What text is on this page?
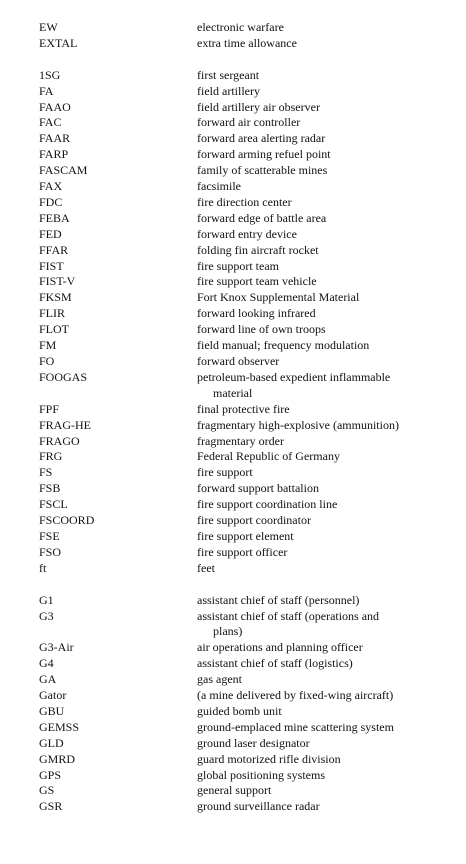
EW	electronic warfare
EXTAL	extra time allowance
1SG	first sergeant
FA	field artillery
FAAO	field artillery air observer
FAC	forward air controller
FAAR	forward area alerting radar
FARP	forward arming refuel point
FASCAM	family of scatterable mines
FAX	facsimile
FDC	fire direction center
FEBA	forward edge of battle area
FED	forward entry device
FFAR	folding fin aircraft rocket
FIST	fire support team
FIST-V	fire support team vehicle
FKSM	Fort Knox Supplemental Material
FLIR	forward looking infrared
FLOT	forward line of own troops
FM	field manual; frequency modulation
FO	forward observer
FOOGAS	petroleum-based expedient inflammable
material
FPF	final protective fire
FRAG-HE	fragmentary high-explosive (ammunition)
FRAGO	fragmentary order
FRG	Federal Republic of Germany
FS	fire support
FSB	forward support battalion
FSCL	fire support coordination line
FSCOORD	fire support coordinator
FSE	fire support element
FSO	fire support officer
ft	feet
G1	assistant chief of staff (personnel)
G3	assistant chief of staff (operations and
plans)
G3-Air	air operations and planning officer
G4	assistant chief of staff (logistics)
GA	gas agent
Gator	(a mine delivered by fixed-wing aircraft)
GBU	guided bomb unit
GEMSS	ground-emplaced mine scattering system
GLD	ground laser designator
GMRD	guard motorized rifle division
GPS	global positioning systems
GS	general support
GSR	ground surveillance radar
